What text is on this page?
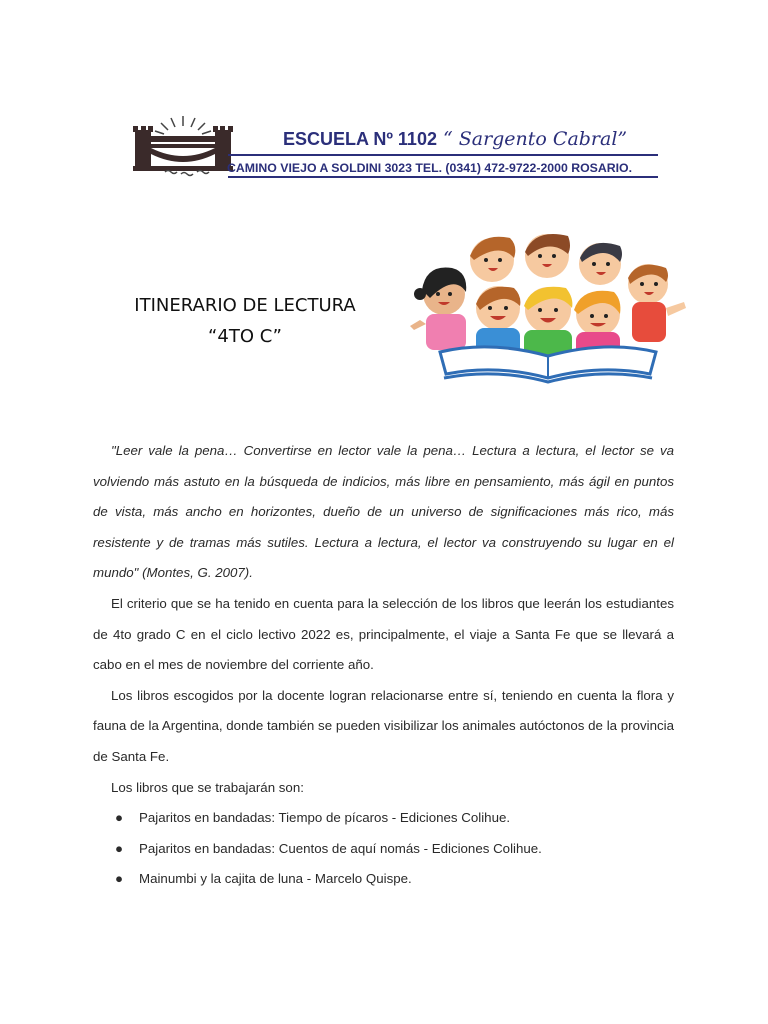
ESCUELA Nº 1102 “ Sargento Cabral”
CAMINO VIEJO A SOLDINI 3023 TEL. (0341) 472-9722-2000 ROSARIO.
ITINERARIO DE LECTURA
“4TO C”

"Leer vale la pena… Convertirse en lector vale la pena… Lectura a lectura, el lector se va volviendo más astuto en la búsqueda de indicios, más libre en pensamiento, más ágil en puntos de vista, más ancho en horizontes, dueño de un universo de significaciones más rico, más resistente y de tramas más sutiles. Lectura a lectura, el lector va construyendo su lugar en el mundo" (Montes, G. 2007).

El criterio que se ha tenido en cuenta para la selección de los libros que leerán los estudiantes de 4to grado C en el ciclo lectivo 2022 es, principalmente, el viaje a Santa Fe que se llevará a cabo en el mes de noviembre del corriente año.

Los libros escogidos por la docente logran relacionarse entre sí, teniendo en cuenta la flora y fauna de la Argentina, donde también se pueden visibilizar los animales autóctonos de la provincia de Santa Fe.

Los libros que se trabajarán son:

● Pajaritos en bandadas: Tiempo de pícaros - Ediciones Colihue.
● Pajaritos en bandadas: Cuentos de aquí nomás - Ediciones Colihue.
● Mainumbi y la cajita de luna - Marcelo Quispe.
